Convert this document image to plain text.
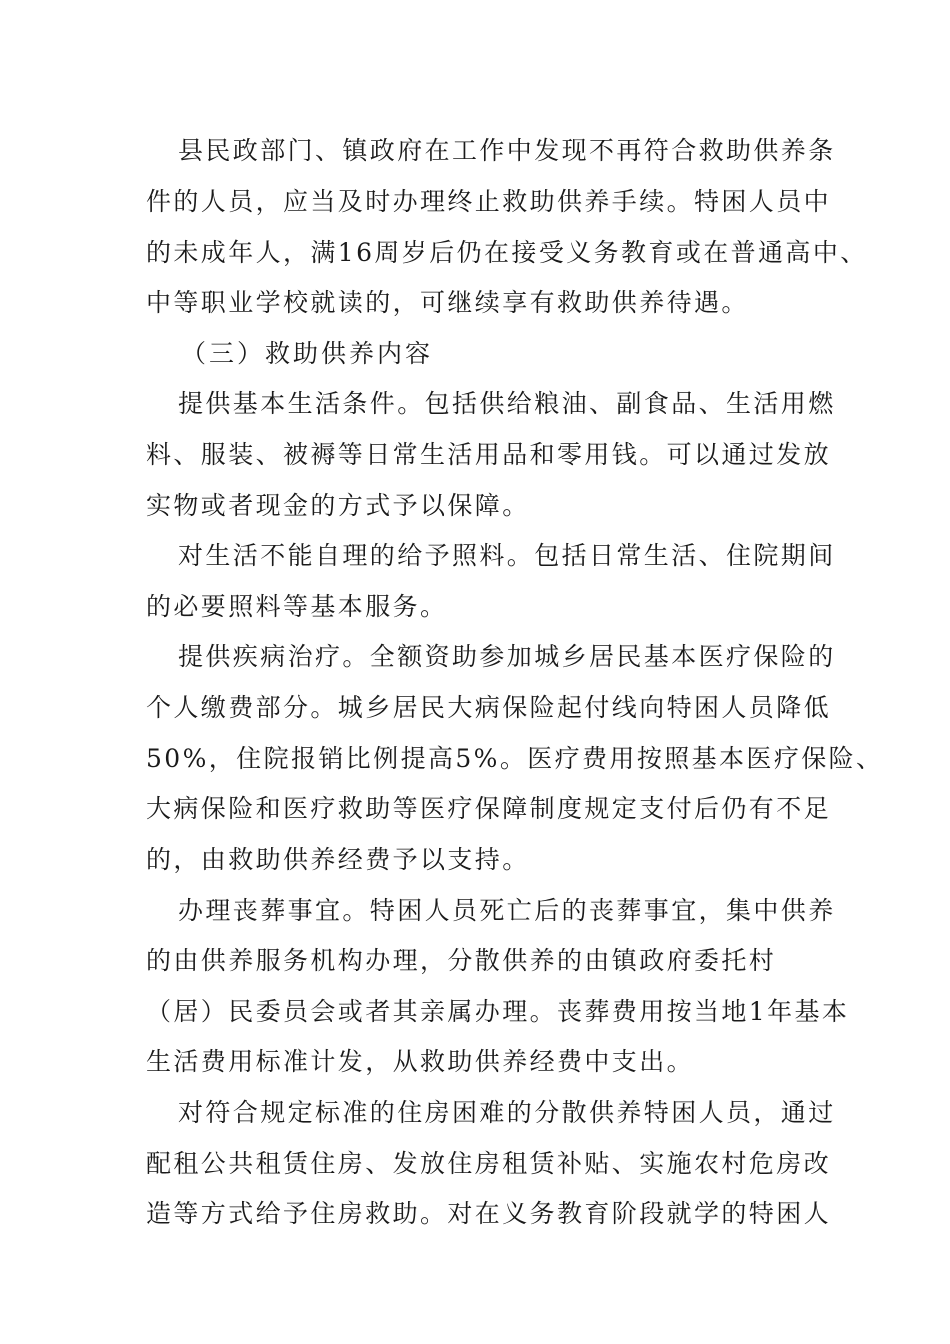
县民政部门、镇政府在工作中发现不再符合救助供养条
件的人员，应当及时办理终止救助供养手续。特困人员中
的未成年人，满16周岁后仍在接受义务教育或在普通高中、
中等职业学校就读的，可继续享有救助供养待遇。
（三）救助供养内容
提供基本生活条件。包括供给粮油、副食品、生活用燃
料、服装、被褥等日常生活用品和零用钱。可以通过发放
实物或者现金的方式予以保障。
对生活不能自理的给予照料。包括日常生活、住院期间
的必要照料等基本服务。
提供疾病治疗。全额资助参加城乡居民基本医疗保险的
个人缴费部分。城乡居民大病保险起付线向特困人员降低
50%，住院报销比例提高5%。医疗费用按照基本医疗保险、
大病保险和医疗救助等医疗保障制度规定支付后仍有不足
的，由救助供养经费予以支持。
办理丧葬事宜。特困人员死亡后的丧葬事宜，集中供养
的由供养服务机构办理，分散供养的由镇政府委托村
（居）民委员会或者其亲属办理。丧葬费用按当地1年基本
生活费用标准计发，从救助供养经费中支出。
对符合规定标准的住房困难的分散供养特困人员，通过
配租公共租赁住房、发放住房租赁补贴、实施农村危房改
造等方式给予住房救助。对在义务教育阶段就学的特困人
